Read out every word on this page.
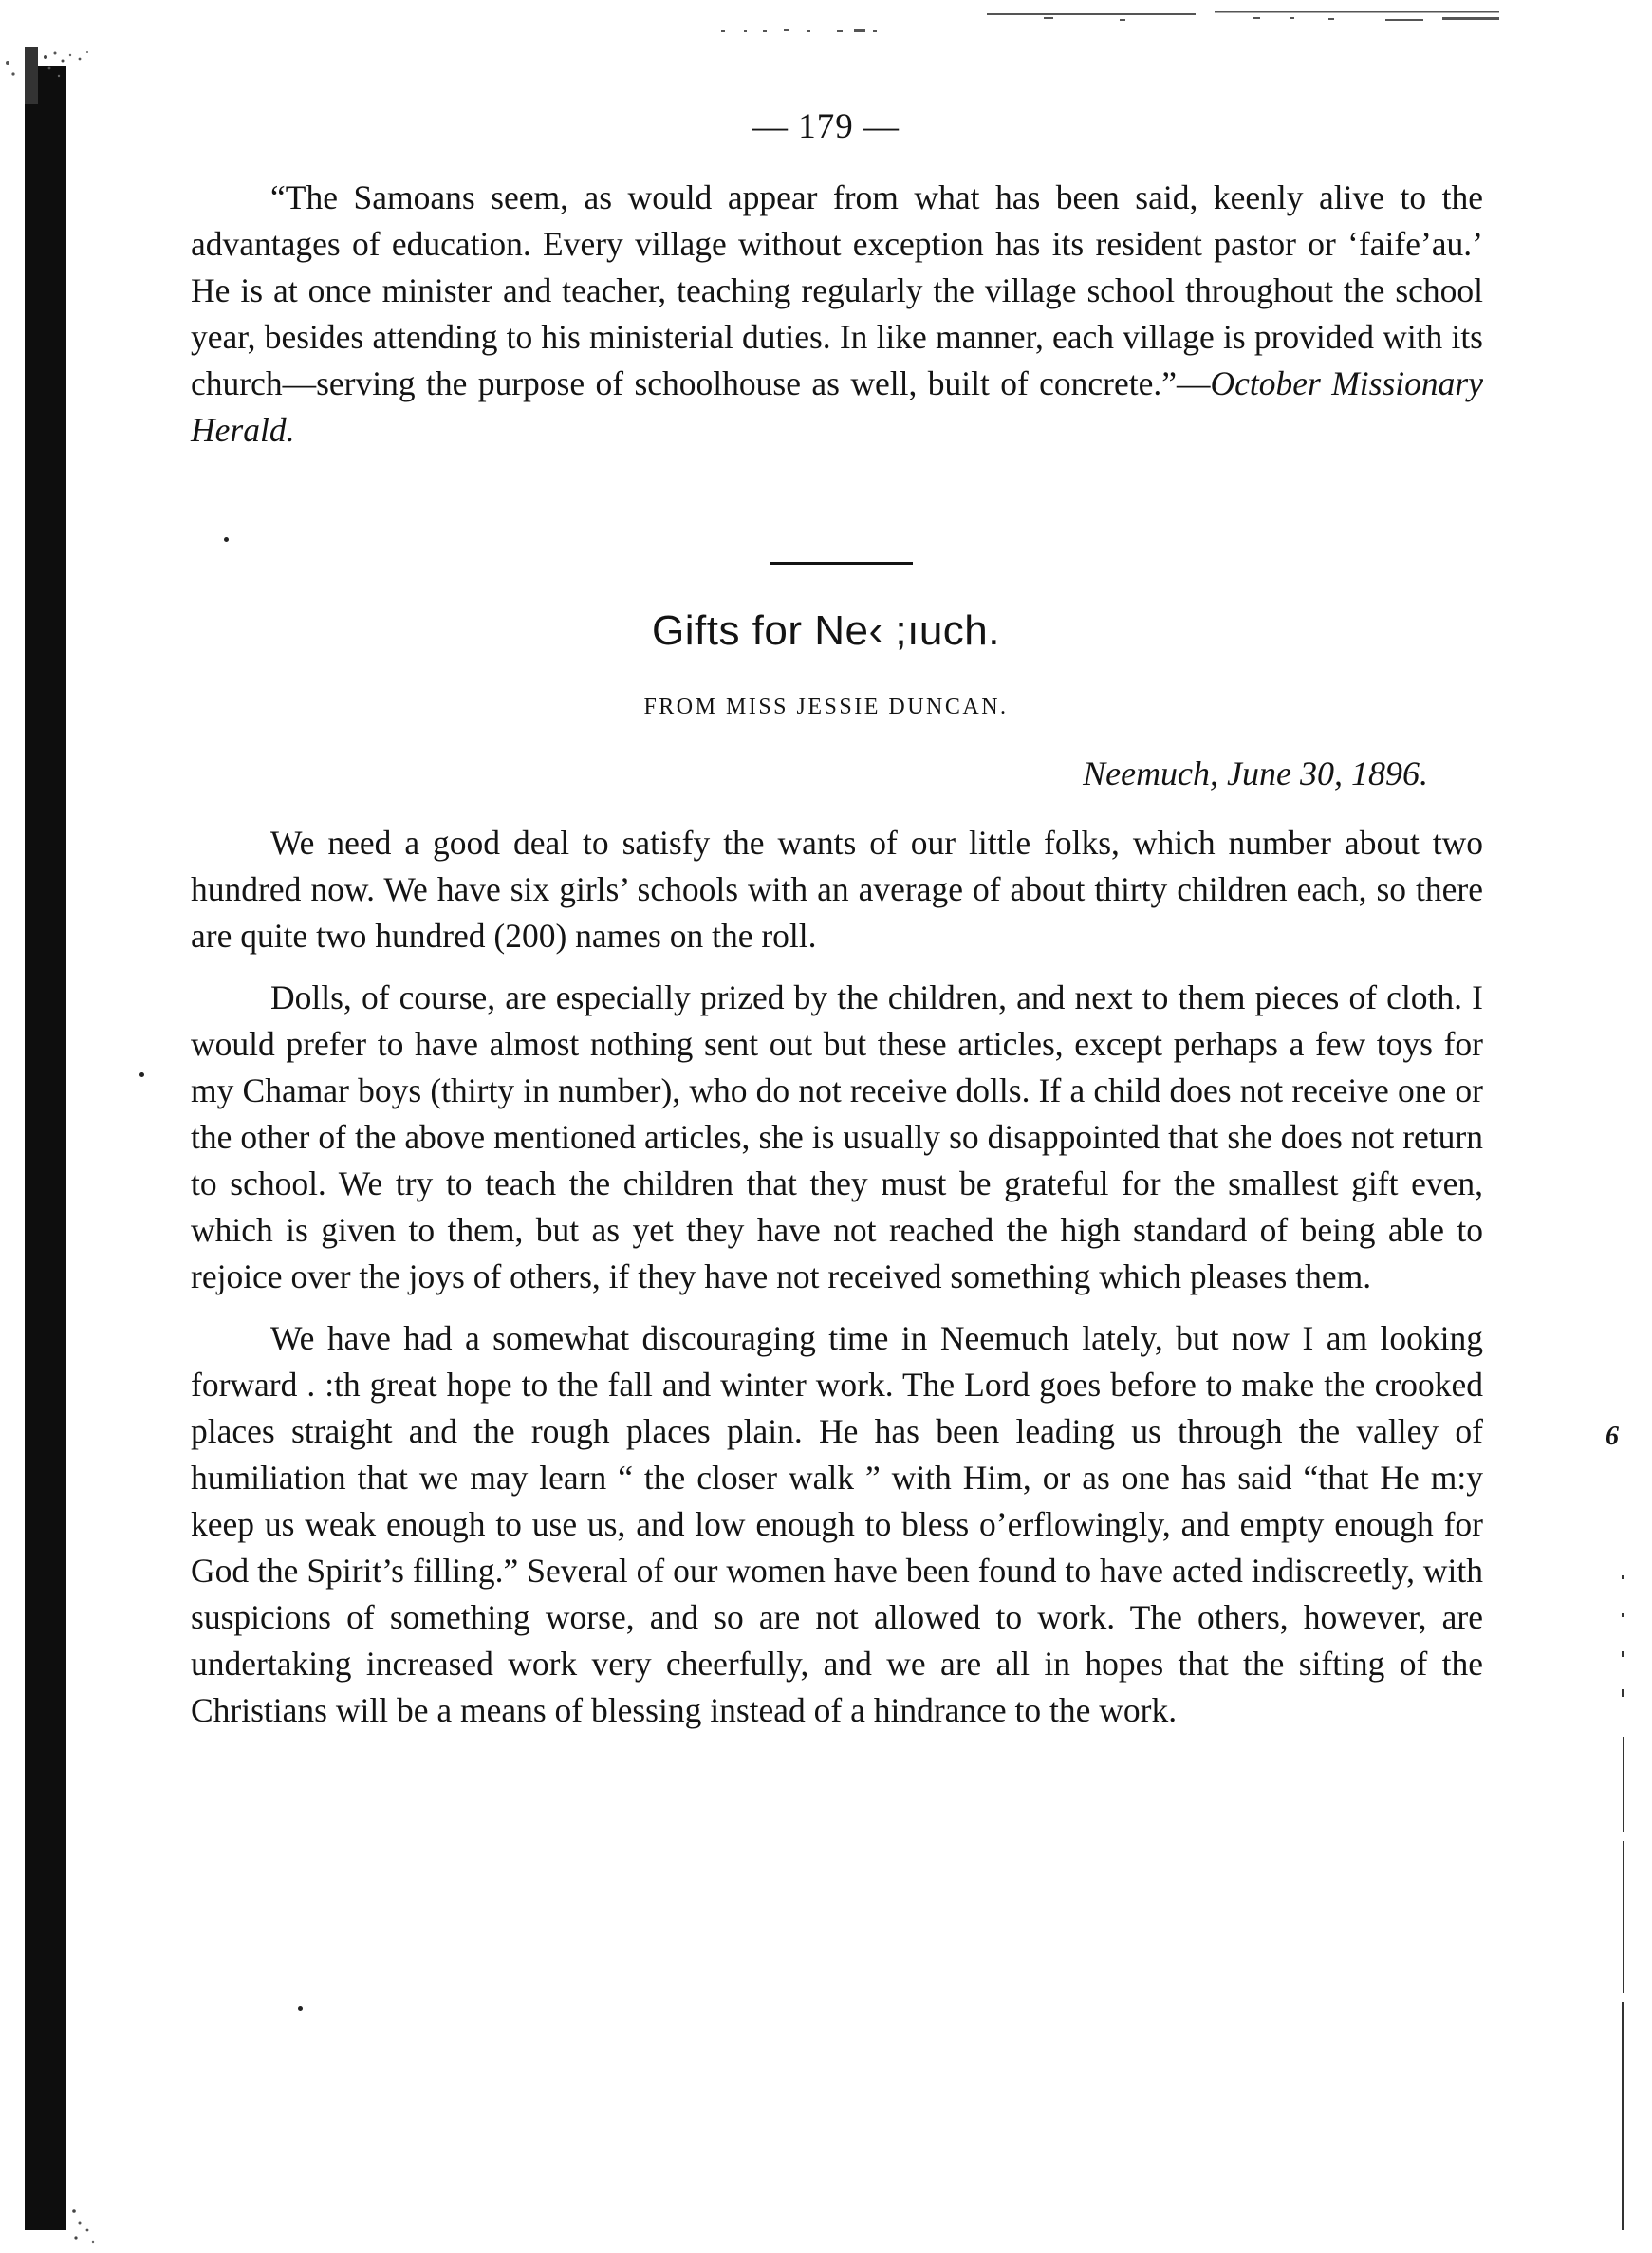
— 179 —

“The Samoans seem, as would appear from what has been said, keenly alive to the advantages of education. Every village without exception has its resident pastor or ‘faife’au.’ He is at once minister and teacher, teaching regularly the village school throughout the school year, besides attending to his ministerial duties. In like manner, each village is provided with its church—serving the purpose of schoolhouse as well, built of concrete.”—October Missionary Herald.

Gifts for Ne‹ ;ıuch.
FROM MISS JESSIE DUNCAN.
Neemuch, June 30, 1896.

We need a good deal to satisfy the wants of our little folks, which number about two hundred now. We have six girls’ schools with an average of about thirty children each, so there are quite two hundred (200) names on the roll.

Dolls, of course, are especially prized by the children, and next to them pieces of cloth. I would prefer to have almost nothing sent out but these articles, except perhaps a few toys for my Chamar boys (thirty in number), who do not receive dolls. If a child does not receive one or the other of the above mentioned articles, she is usually so disappointed that she does not return to school. We try to teach the children that they must be grateful for the smallest gift even, which is given to them, but as yet they have not reached the high standard of being able to rejoice over the joys of others, if they have not received something which pleases them.

We have had a somewhat discouraging time in Neemuch lately, but now I am looking forward . :th great hope to the fall and winter work. The Lord goes before to make the crooked places straight and the rough places plain. He has been leading us through the valley of humiliation that we may learn “ the closer walk ” with Him, or as one has said “that He m:y keep us weak enough to use us, and low enough to bless o’erflowingly, and empty enough for God the Spirit’s filling.” Several of our women have been found to have acted indiscreetly, with suspicions of something worse, and so are not allowed to work. The others, however, are undertaking increased work very cheerfully, and we are all in hopes that the sifting of the Christians will be a means of blessing instead of a hindrance to the work.

6
